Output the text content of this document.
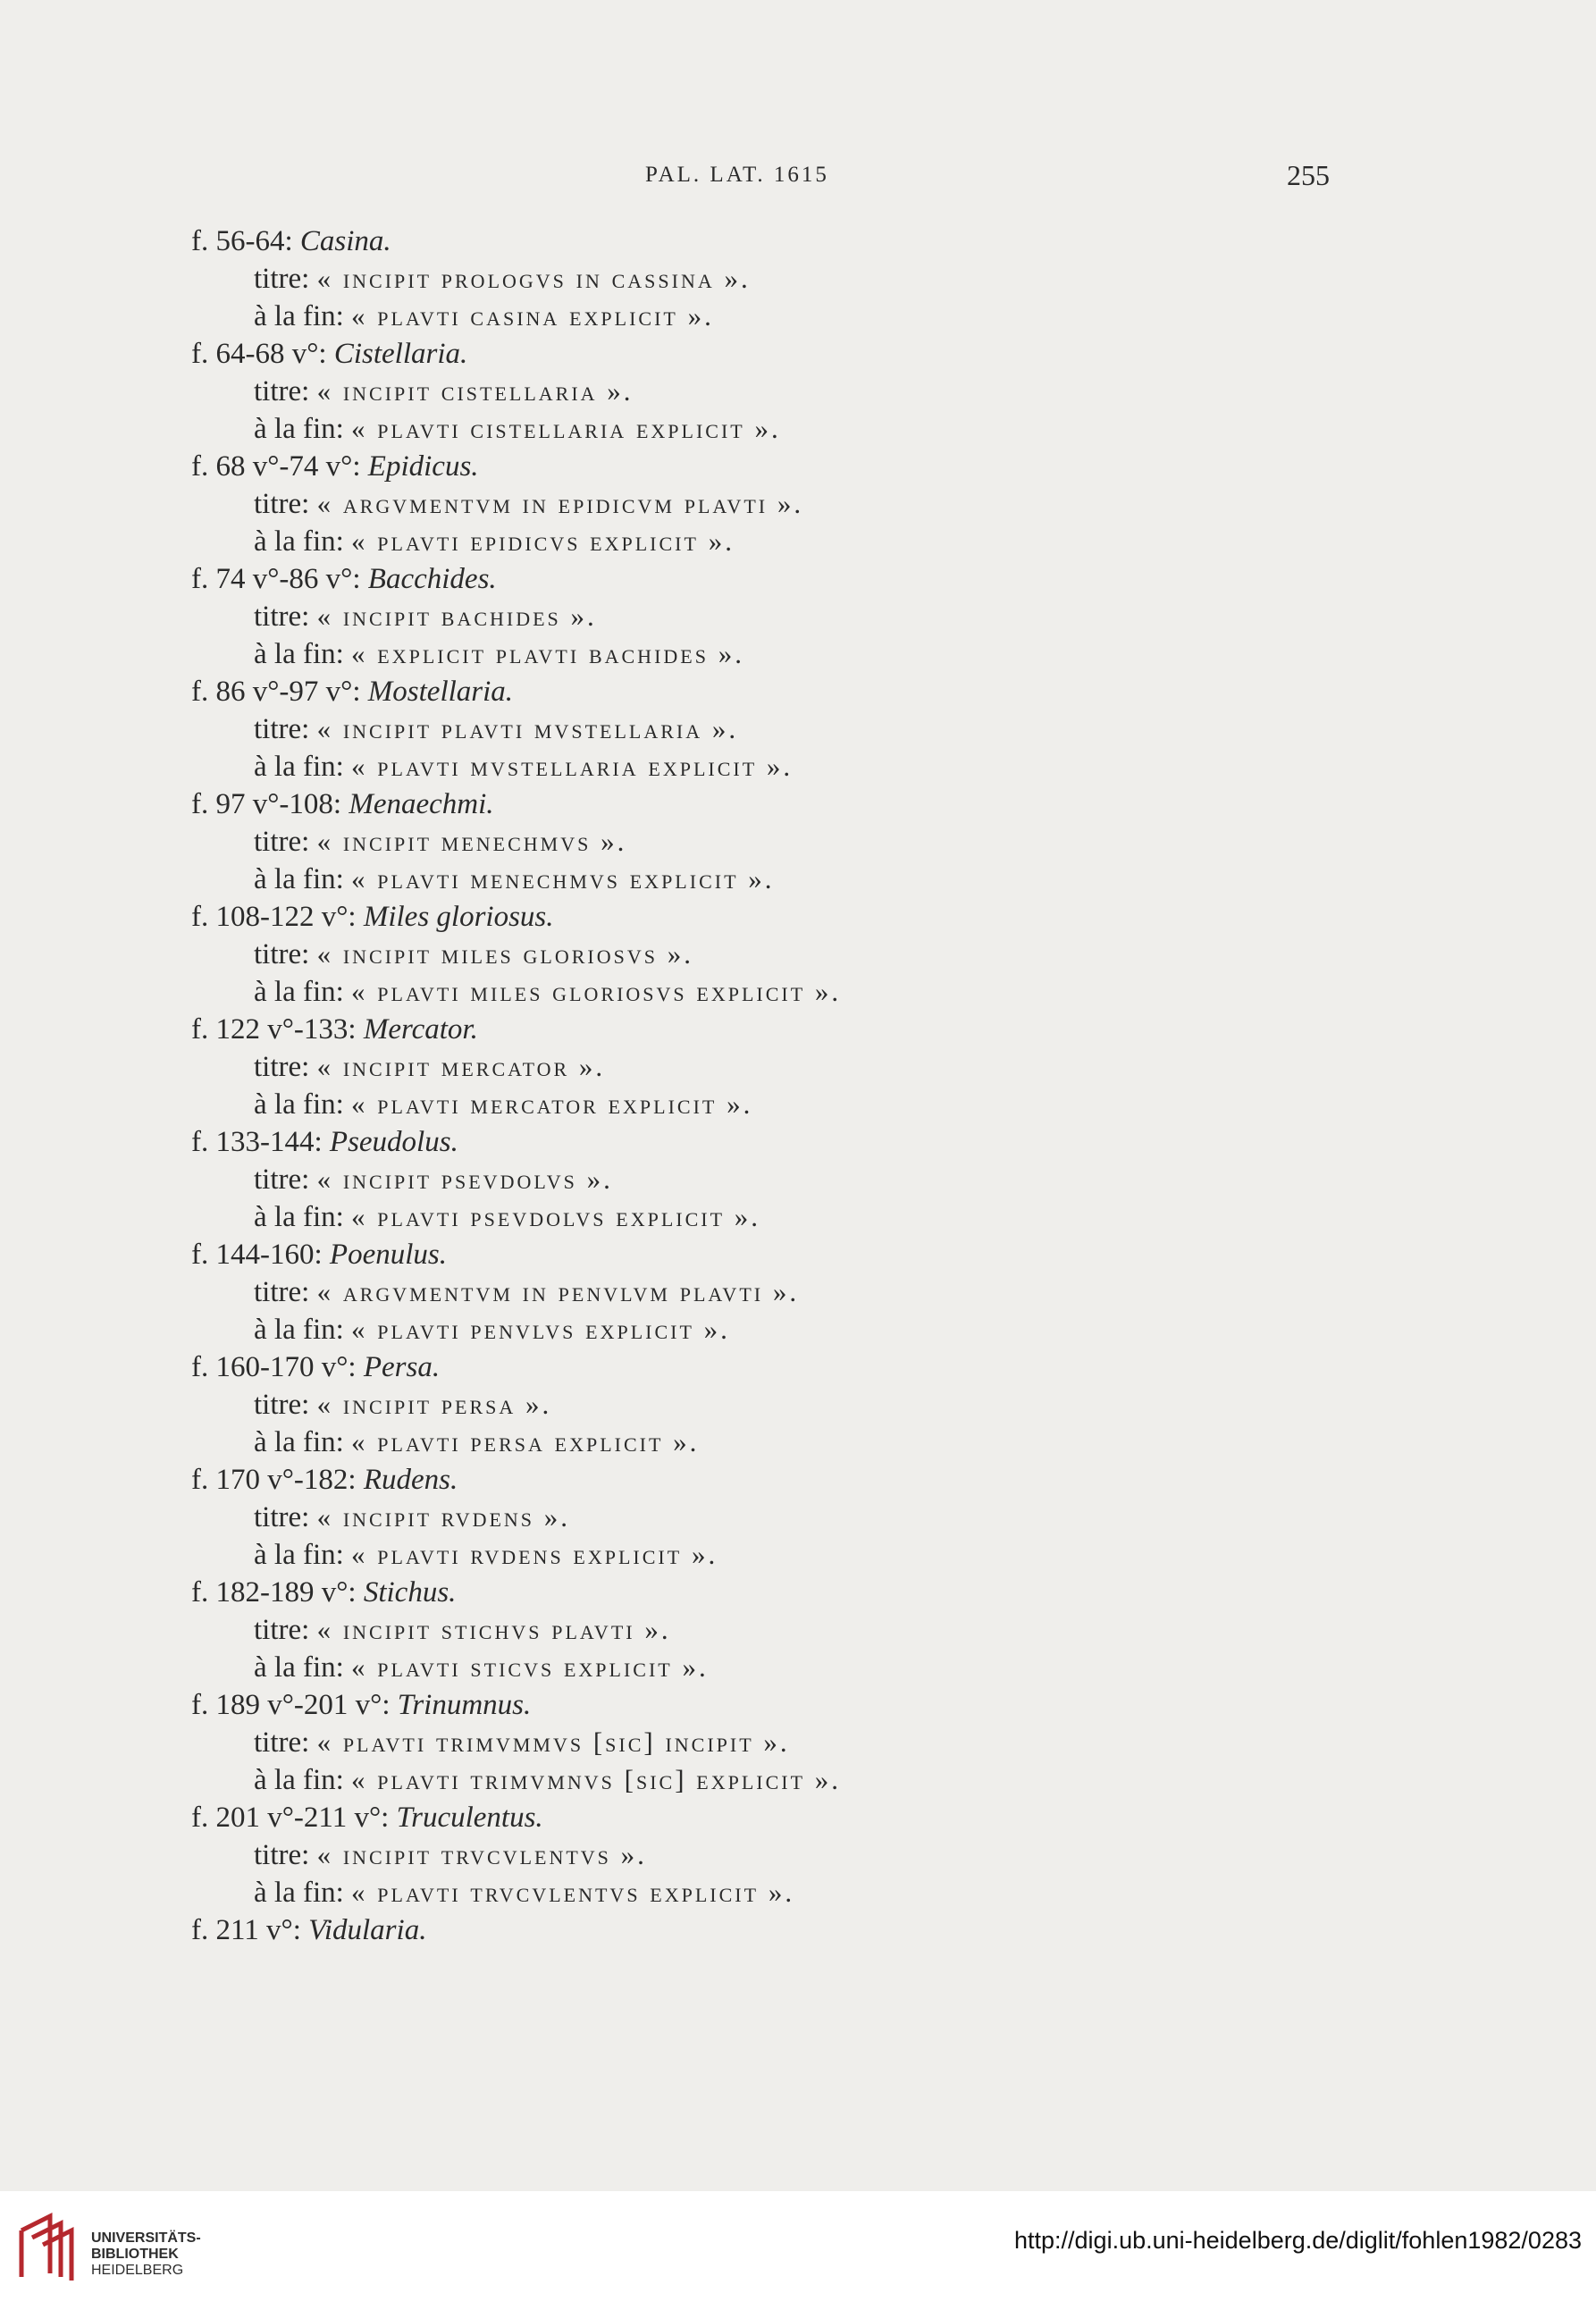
PAL. LAT. 1615	255
f. 56-64: Casina.
titre: « incipit prologvs in cassina ».
à la fin: « plavti casina explicit ».
f. 64-68 v°: Cistellaria.
titre: « incipit cistellaria ».
à la fin: « plavti cistellaria explicit ».
f. 68 v°-74 v°: Epidicus.
titre: « argvmentvm in epidicvm plavti ».
à la fin: « plavti epidicvs explicit ».
f. 74 v°-86 v°: Bacchides.
titre: « incipit bachides ».
à la fin: « explicit plavti bachides ».
f. 86 v°-97 v°: Mostellaria.
titre: « incipit plavti mvstellaria ».
à la fin: « plavti mvstellaria explicit ».
f. 97 v°-108: Menaechmi.
titre: « incipit menechmvs ».
à la fin: « plavti menechmvs explicit ».
f. 108-122 v°: Miles gloriosus.
titre: « incipit miles gloriosvs ».
à la fin: « plavti miles gloriosvs explicit ».
f. 122 v°-133: Mercator.
titre: « incipit mercator ».
à la fin: « plavti mercator explicit ».
f. 133-144: Pseudolus.
titre: « incipit psevdolvs ».
à la fin: « plavti psevdolvs explicit ».
f. 144-160: Poenulus.
titre: « argvmentvm in penvlvm plavti ».
à la fin: « plavti penvlvs explicit ».
f. 160-170 v°: Persa.
titre: « incipit persa ».
à la fin: « plavti persa explicit ».
f. 170 v°-182: Rudens.
titre: « incipit rvdens ».
à la fin: « plavti rvdens explicit ».
f. 182-189 v°: Stichus.
titre: « incipit stichvs plavti ».
à la fin: « plavti sticvs explicit ».
f. 189 v°-201 v°: Trinumnus.
titre: « plavti trimvmmvs [sic] incipit ».
à la fin: « plavti trimvmnvs [sic] explicit ».
f. 201 v°-211 v°: Truculentus.
titre: « incipit trvcvlentvs ».
à la fin: « plavti trvcvlentvs explicit ».
f. 211 v°: Vidularia.
UNIVERSITÄTS-
BIBLIOTHEK
HEIDELBERG
http://digi.ub.uni-heidelberg.de/diglit/fohlen1982/0283
